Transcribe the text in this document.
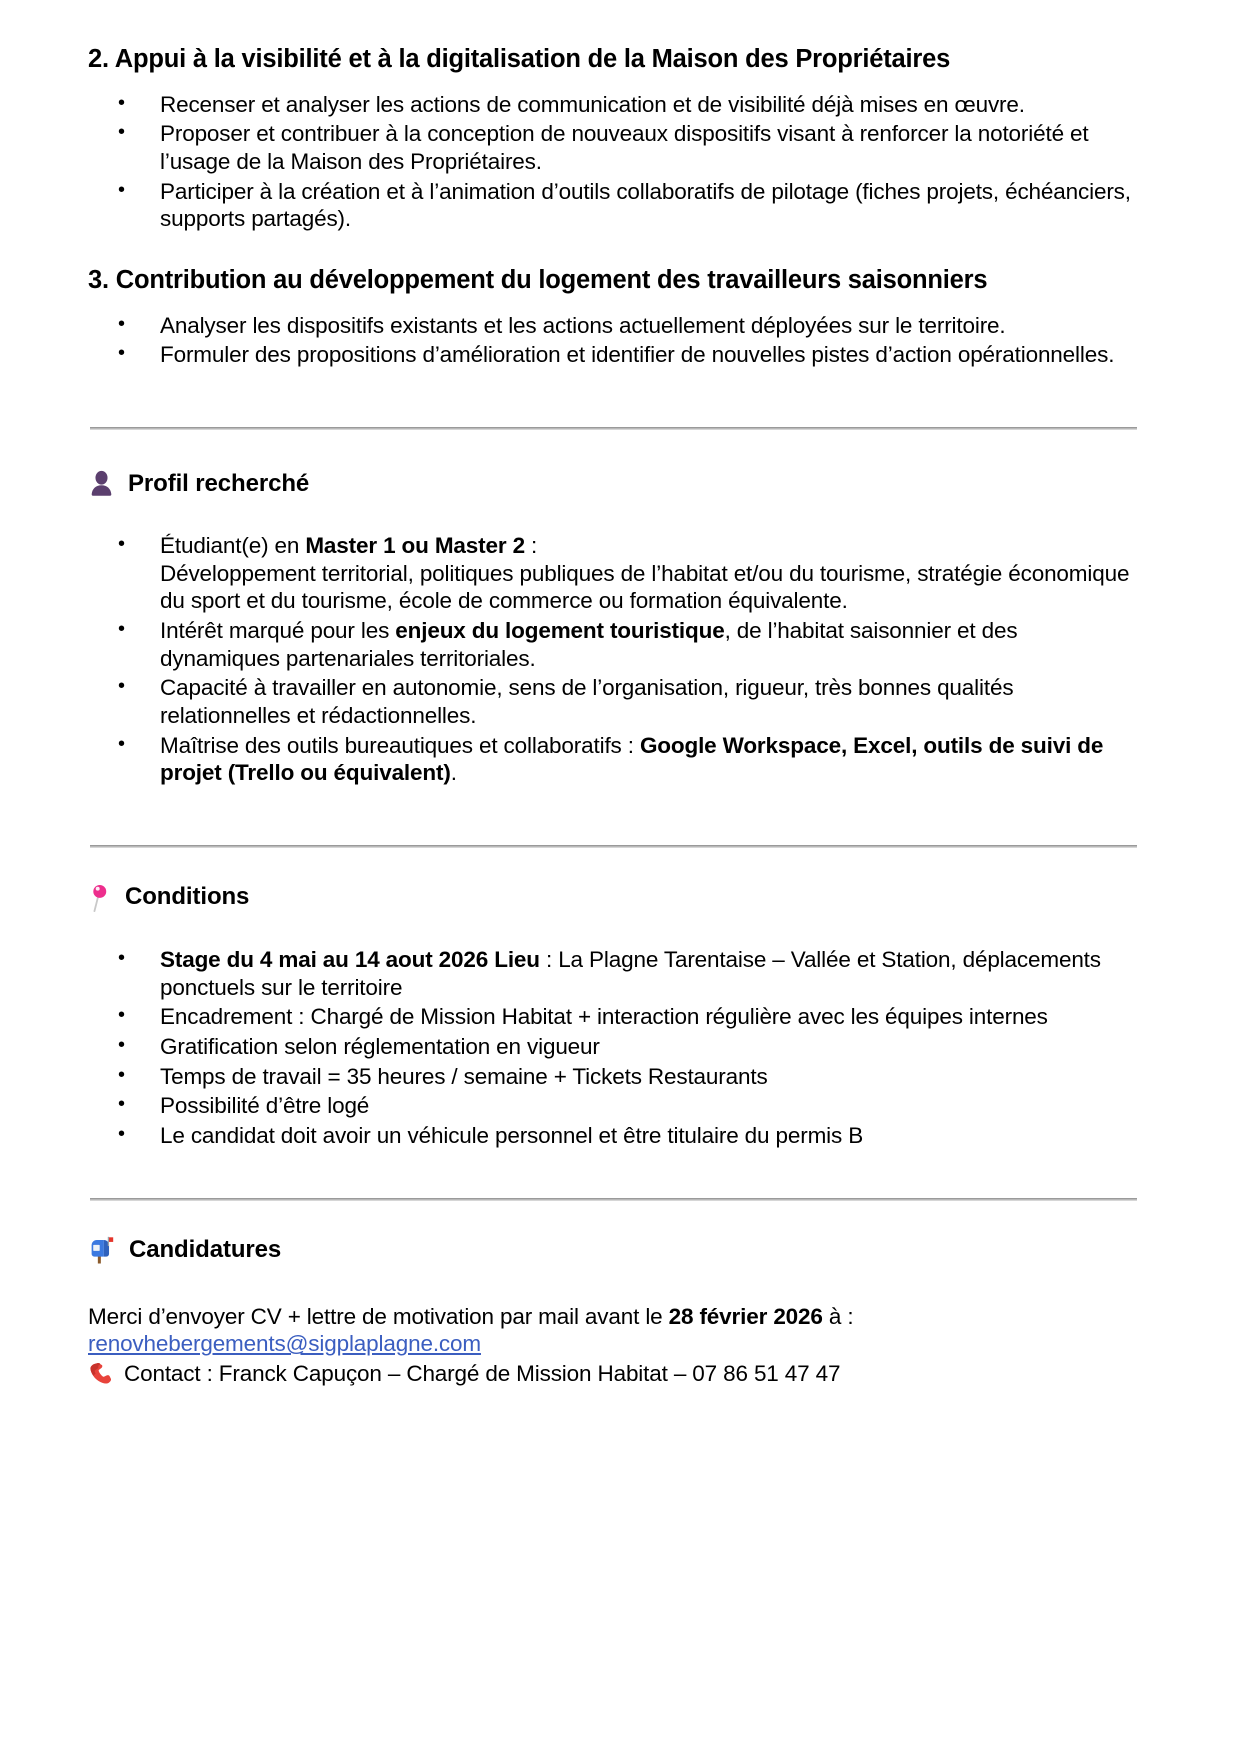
2. Appui à la visibilité et à la digitalisation de la Maison des Propriétaires
• Recenser et analyser les actions de communication et de visibilité déjà mises en œuvre.
• Proposer et contribuer à la conception de nouveaux dispositifs visant à renforcer la notoriété et l’usage de la Maison des Propriétaires.
• Participer à la création et à l’animation d’outils collaboratifs de pilotage (fiches projets, échéanciers, supports partagés).
3. Contribution au développement du logement des travailleurs saisonniers
• Analyser les dispositifs existants et les actions actuellement déployées sur le territoire.
• Formuler des propositions d’amélioration et identifier de nouvelles pistes d’action opérationnelles.
Profil recherché
• Étudiant(e) en Master 1 ou Master 2 :
Développement territorial, politiques publiques de l’habitat et/ou du tourisme, stratégie économique du sport et du tourisme, école de commerce ou formation équivalente.
• Intérêt marqué pour les enjeux du logement touristique, de l’habitat saisonnier et des dynamiques partenariales territoriales.
• Capacité à travailler en autonomie, sens de l’organisation, rigueur, très bonnes qualités relationnelles et rédactionnelles.
• Maîtrise des outils bureautiques et collaboratifs : Google Workspace, Excel, outils de suivi de projet (Trello ou équivalent).
Conditions
• Stage du 4 mai au 14 aout 2026 Lieu : La Plagne Tarentaise – Vallée et Station, déplacements ponctuels sur le territoire
• Encadrement : Chargé de Mission Habitat + interaction régulière avec les équipes internes
• Gratification selon réglementation en vigueur
• Temps de travail = 35 heures / semaine + Tickets Restaurants
• Possibilité d’être logé
• Le candidat doit avoir un véhicule personnel et être titulaire du permis B
Candidatures

Merci d’envoyer CV + lettre de motivation par mail avant le 28 février 2026 à :

renovhebergements@sigplaplagne.com
Contact : Franck Capuçon – Chargé de Mission Habitat – 07 86 51 47 47
